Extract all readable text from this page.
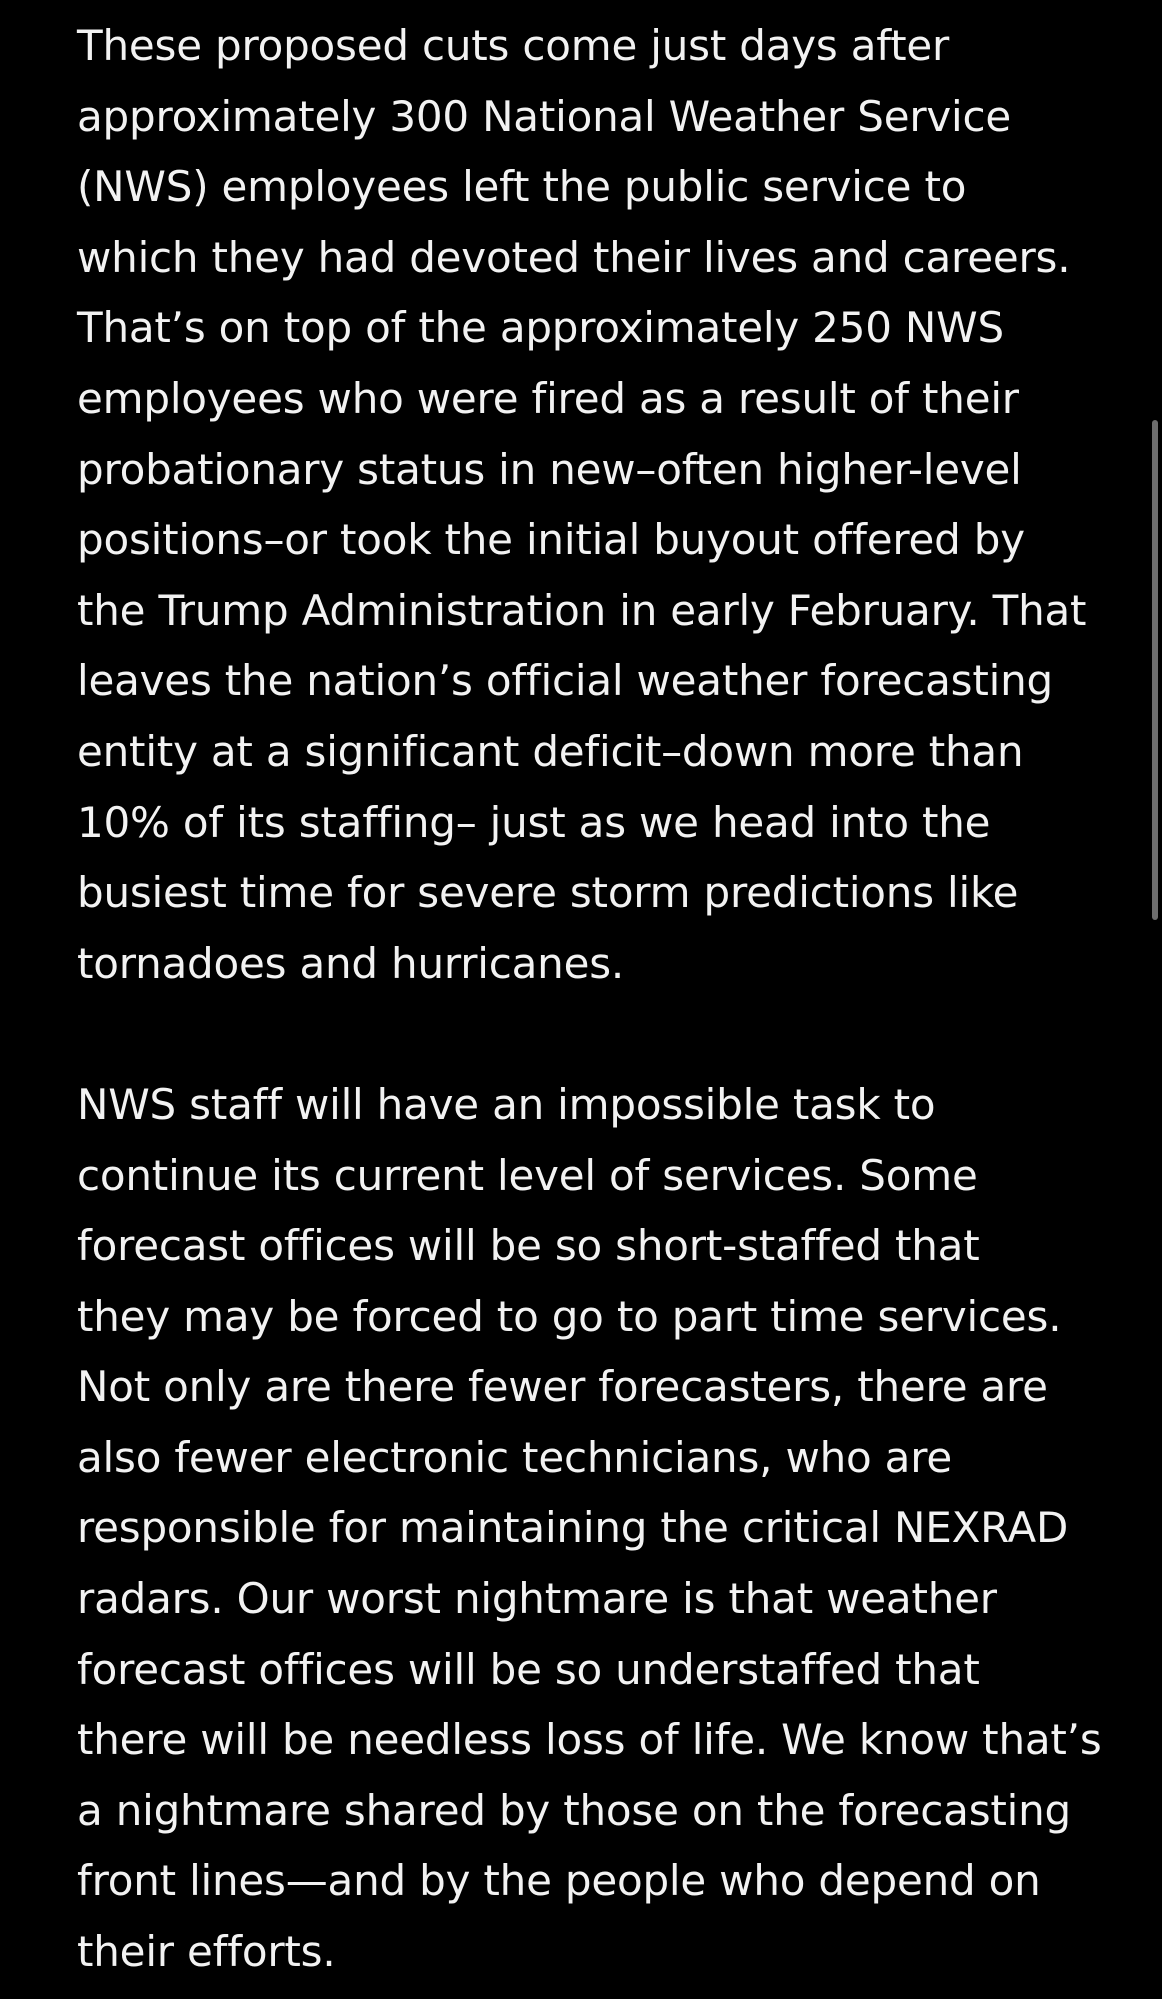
These proposed cuts come just days after
approximately 300 National Weather Service
(NWS) employees left the public service to
which they had devoted their lives and careers.
That’s on top of the approximately 250 NWS
employees who were fired as a result of their
probationary status in new–often higher-level
positions–or took the initial buyout offered by
the Trump Administration in early February. That
leaves the nation’s official weather forecasting
entity at a significant deficit–down more than
10% of its staffing– just as we head into the
busiest time for severe storm predictions like
tornadoes and hurricanes.
NWS staff will have an impossible task to
continue its current level of services. Some
forecast offices will be so short-staffed that
they may be forced to go to part time services.
Not only are there fewer forecasters, there are
also fewer electronic technicians, who are
responsible for maintaining the critical NEXRAD
radars. Our worst nightmare is that weather
forecast offices will be so understaffed that
there will be needless loss of life. We know that’s
a nightmare shared by those on the forecasting
front lines—and by the people who depend on
their efforts.
